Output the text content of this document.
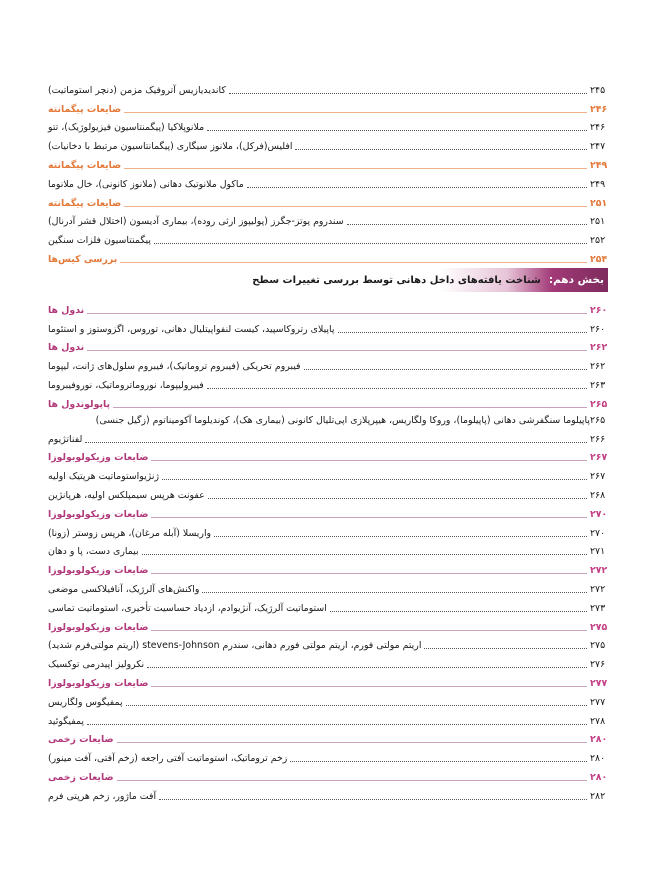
کاندیدیازیس آتروفیک مزمن (دنچر استوماتیت)	۲۴۵
ضایعات پیگمانته	۲۴۶
ملانوپلاکیا (پیگمنتاسیون فیزیولوژیک)، تتو	۲۴۶
افلیس(فرکل)، ملانوز سیگاری (پیگمانتاسیون مرتبط با دخانیات)	۲۴۷
ضایعات پیگمانته	۲۴۹
ماکول ملانوتیک دهانی (ملانوز کانونی)، خال ملانوما	۲۴۹
ضایعات پیگمانته	۲۵۱
سندروم پوتز-جگرز (پولیپوز ارثی روده)، بیماری آدیسون (اختلال قشر آدرنال)	۲۵۱
پیگمنتاسیون فلزات سنگین	۲۵۲
بررسی کیس‌ها	۲۵۴
بخش دهم:
شناخت یافته‌های داخل دهانی توسط بررسی تغییرات سطح
ندول ها	۲۶۰
پاپیلای رترو‌کاسپید، کیست لنفواپیتلیال دهانی، توروس، اگزوستوز و استئوما	۲۶۰
ندول ها	۲۶۲
فیبروم تحریکی (فیبروم تروماتیک)، فیبروم سلول‌های ژانت، لیپوما	۲۶۲
فیبرولیپوما، نوروماتروماتیک، نوروفیبروما	۲۶۳
پاپولوندول ها	۲۶۵
پاپیلوما سنگفرشی دهانی (پاپیلوما)، وروکا ولگاریس، هیپرپلازی اپی‌تلیال کانونی (بیماری هک)، کوندیلوما آکومیناتوم (زگیل جنسی) ۲۶۵
لفناتژیوم	۲۶۶
ضایعات وزیکولوبولوزا	۲۶۷
ژنژیواستوماتیت هرپتیک اولیه	۲۶۷
عفونت هرپس سیمپلکس اولیه، هرپانژین	۲۶۸
ضایعات وزیکولوبولوزا	۲۷۰
واریسلا (آبله مرغان)، هرپس زوستر (زونا)	۲۷۰
بیماری دست، پا و دهان	۲۷۱
ضایعات وزیکولوبولوزا	۲۷۲
واکنش‌های آلرژیک، آنافیلاکسی موضعی	۲۷۲
استوماتیت آلرژیک، آنژیوادم، ازدیاد حساسیت تأخیری، استوماتیت تماسی	۲۷۳
ضایعات وزیکولوبولوزا	۲۷۵
اریتم مولتی فورم، اریتم مولتی فورم دهانی، سندرم stevens-Johnson (اریتم مولتی‌فرم شدید)	۲۷۵
نکرولیز اپیدرمی توکسیک	۲۷۶
ضایعات وزیکولوبولوزا	۲۷۷
پمفیگوس ولگاریس	۲۷۷
پمفیگوئید	۲۷۸
ضایعات زخمی	۲۸۰
زخم تروماتیک، استوماتیت آفتی راجعه (زخم آفتی، آفت مینور)	۲۸۰
ضایعات زخمی	۲۸۰
آفت ماژور، زخم هرپتی فرم	۲۸۲
